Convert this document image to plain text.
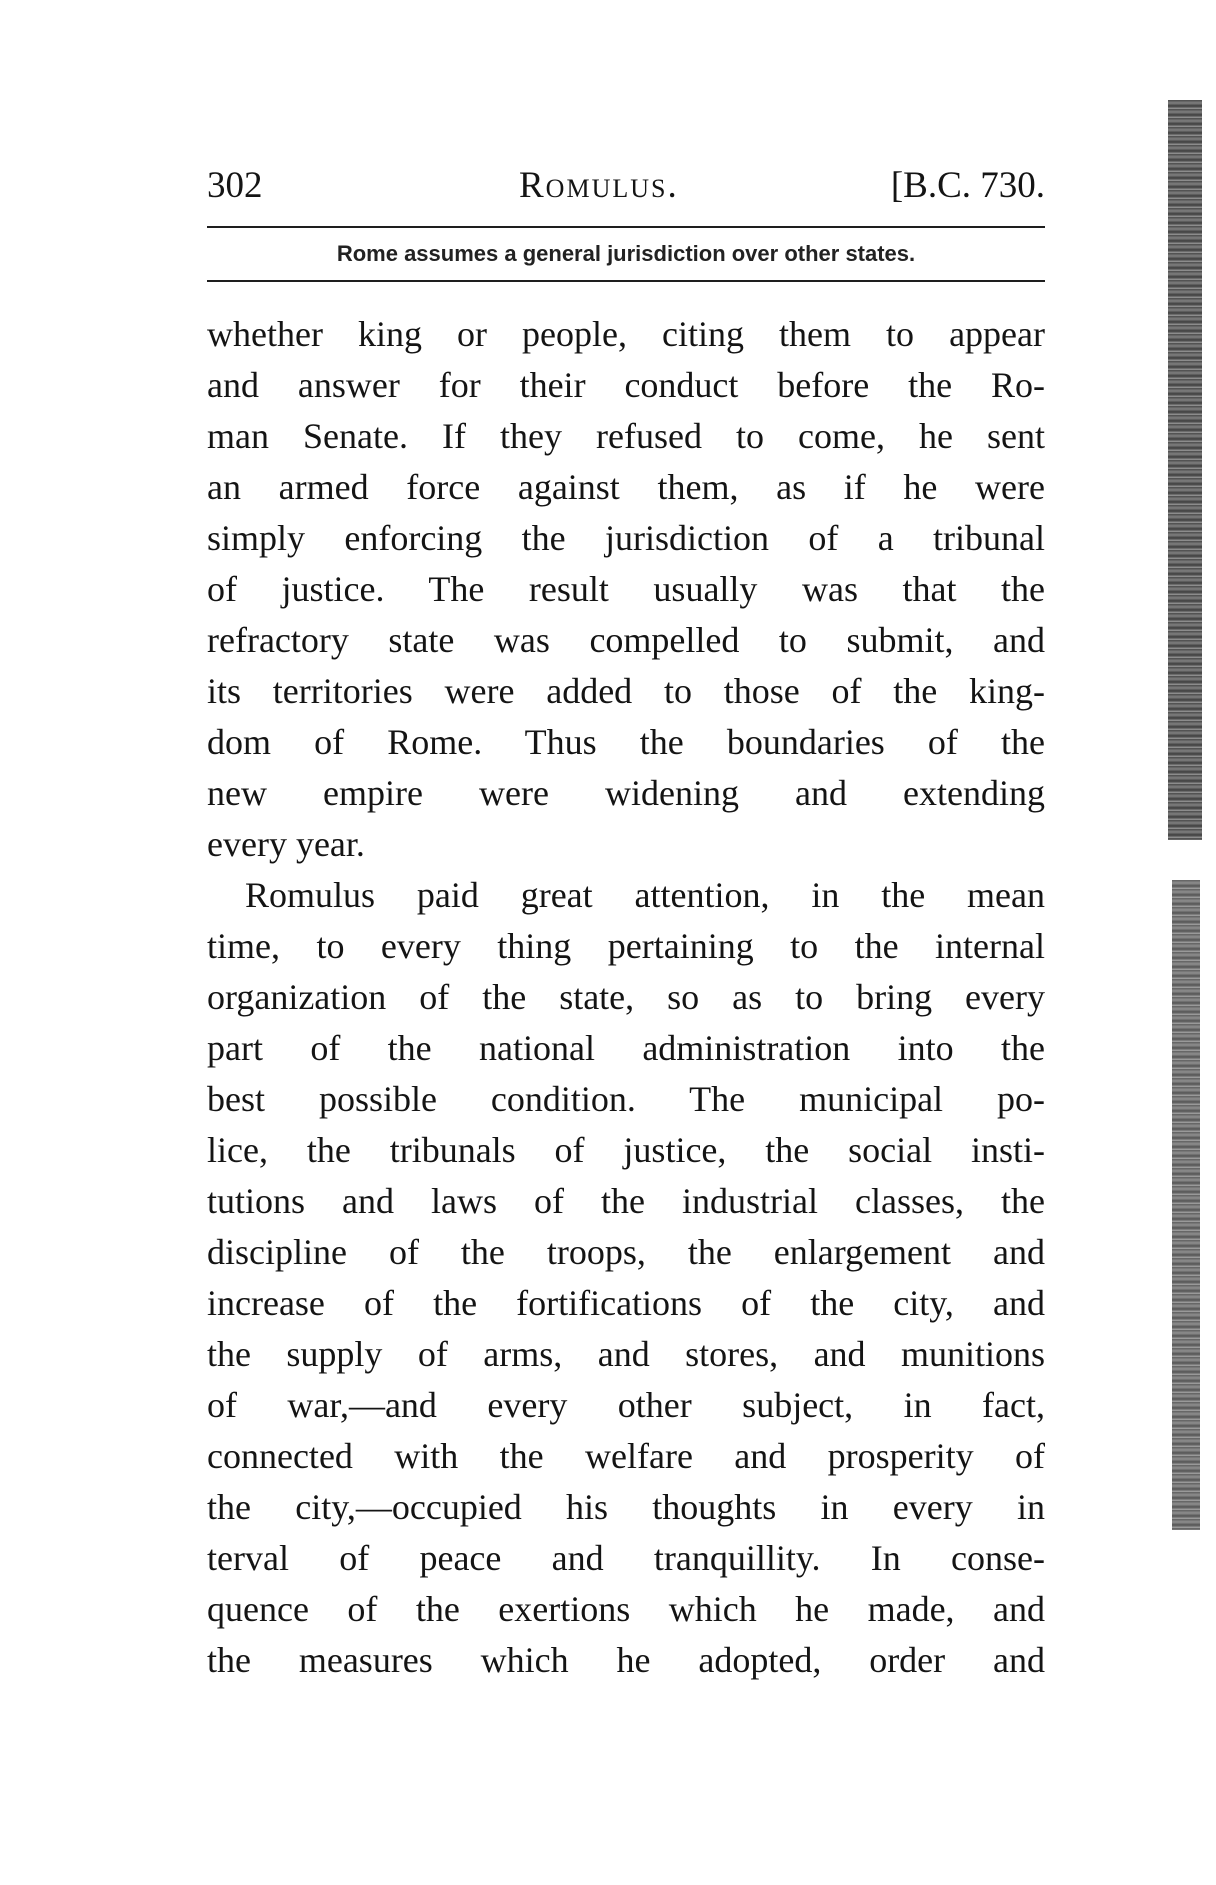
302	Romulus.	[B.C. 730.
Rome assumes a general jurisdiction over other states.
whether king or people, citing them to appear
and answer for their conduct before the Ro-
man Senate. If they refused to come, he sent
an armed force against them, as if he were
simply enforcing the jurisdiction of a tribunal
of justice. The result usually was that the
refractory state was compelled to submit, and
its territories were added to those of the king-
dom of Rome. Thus the boundaries of the
new empire were widening and extending
every year.
Romulus paid great attention, in the mean
time, to every thing pertaining to the internal
organization of the state, so as to bring every
part of the national administration into the
best possible condition. The municipal po-
lice, the tribunals of justice, the social insti-
tutions and laws of the industrial classes, the
discipline of the troops, the enlargement and
increase of the fortifications of the city, and
the supply of arms, and stores, and munitions
of war,—and every other subject, in fact,
connected with the welfare and prosperity of
the city,—occupied his thoughts in every in
terval of peace and tranquillity. In conse-
quence of the exertions which he made, and
the measures which he adopted, order and
